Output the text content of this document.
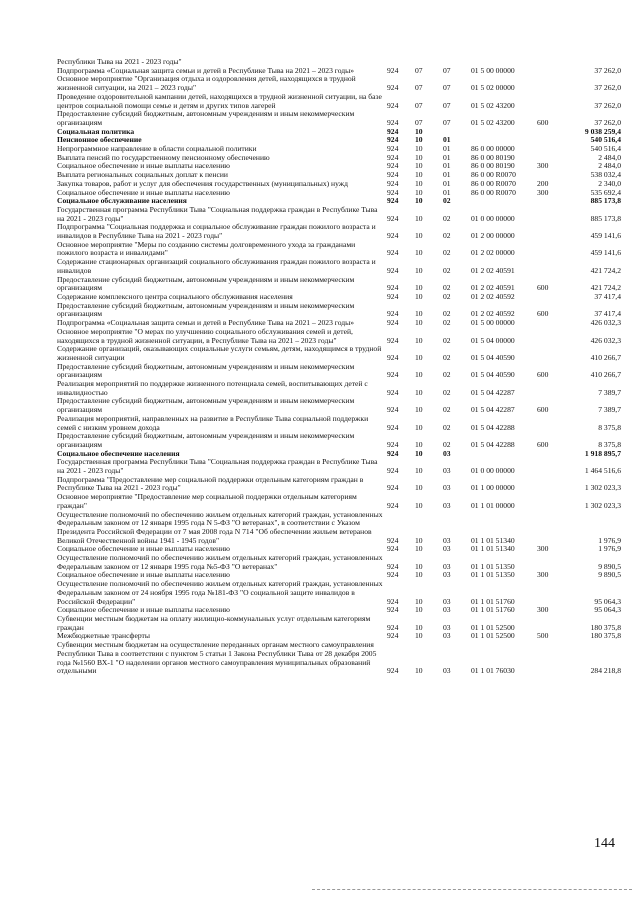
Республики Тыва на 2021 - 2023 годы"						
Подпрограмма «Социальная защита семьи и детей в Республике Тыва на 2021 – 2023 годы»	924	07	07	01 5 00 00000		37 262,0
Основное мероприятие "Организация отдыха и оздоровления детей, находящихся в трудной жизненной ситуации, на 2021 – 2023 годы"	924	07	07	01 5 02 00000		37 262,0
Проведение оздоровительной кампании детей, находящихся в трудной жизненной ситуации, на базе центров социальной помощи семье и детям и других типов лагерей	924	07	07	01 5 02 43200		37 262,0
Предоставление субсидий бюджетным, автономным учреждениям и иным некоммерческим организациям	924	07	07	01 5 02 43200	600	37 262,0
Социальная политика	924	10				9 038 259,4
Пенсионное обеспечение	924	10	01			540 516,4
Непрограммное направление в области социальной политики	924	10	01	86 0 00 00000		540 516,4
Выплата пенсий по государственному пенсионному обеспечению	924	10	01	86 0 00 80190		2 484,0
Социальное обеспечение и иные выплаты населению	924	10	01	86 0 00 80190	300	2 484,0
Выплата региональных социальных доплат к пенсии	924	10	01	86 0 00 R0070		538 032,4
Закупка товаров, работ и услуг для обеспечения государственных (муниципальных) нужд	924	10	01	86 0 00 R0070	200	2 340,0
Социальное обеспечение и иные выплаты населению	924	10	01	86 0 00 R0070	300	535 692,4
Социальное обслуживание населения	924	10	02			885 173,8
Государственная программа Республики Тыва "Социальная поддержка граждан в Республике Тыва на 2021 - 2023 годы"	924	10	02	01 0 00 00000		885 173,8
Подпрограмма "Социальная поддержка и социальное обслуживание граждан пожилого возраста и инвалидов в Республике Тыва на 2021 - 2023 годы"	924	10	02	01 2 00 00000		459 141,6
Основное мероприятие "Меры по созданию системы долговременного ухода за гражданами пожилого возраста и инвалидами"	924	10	02	01 2 02 00000		459 141,6
Содержание стационарных организаций социального обслуживания граждан пожилого возраста и инвалидов	924	10	02	01 2 02 40591		421 724,2
Предоставление субсидий бюджетным, автономным учреждениям и иным некоммерческим организациям	924	10	02	01 2 02 40591	600	421 724,2
Содержание комплексного центра социального обслуживания населения	924	10	02	01 2 02 40592		37 417,4
Предоставление субсидий бюджетным, автономным учреждениям и иным некоммерческим организациям	924	10	02	01 2 02 40592	600	37 417,4
Подпрограмма «Социальная защита семьи и детей в Республике Тыва на 2021 – 2023 годы»	924	10	02	01 5 00 00000		426 032,3
Основное мероприятие "О мерах по улучшению социального обслуживания семей и детей, находящихся в трудной жизненной ситуации, в Республике Тыва на 2021 – 2023 годы"	924	10	02	01 5 04 00000		426 032,3
Содержание организаций, оказывающих социальные услуги семьям, детям, находящимся в трудной жизненной ситуации	924	10	02	01 5 04 40590		410 266,7
Предоставление субсидий бюджетным, автономным учреждениям и иным некоммерческим организациям	924	10	02	01 5 04 40590	600	410 266,7
Реализация мероприятий по поддержке жизненного потенциала семей, воспитывающих детей с инвалидностью	924	10	02	01 5 04 42287		7 389,7
Предоставление субсидий бюджетным, автономным учреждениям и иным некоммерческим организациям	924	10	02	01 5 04 42287	600	7 389,7
Реализация мероприятий, направленных на развитие в Республике Тыва социальной поддержки семей с низким уровнем дохода	924	10	02	01 5 04 42288		8 375,8
Предоставление субсидий бюджетным, автономным учреждениям и иным некоммерческим организациям	924	10	02	01 5 04 42288	600	8 375,8
Социальное обеспечение населения	924	10	03			1 918 895,7
Государственная программа Республики Тыва "Социальная поддержка граждан в Республике Тыва на 2021 - 2023 годы"	924	10	03	01 0 00 00000		1 464 516,6
Подпрограмма "Предоставление мер социальной поддержки отдельным категориям граждан в Республике Тыва на 2021 - 2023 годы"	924	10	03	01 1 00 00000		1 302 023,3
Основное мероприятие "Предоставление мер социальной поддержки отдельным категориям граждан"	924	10	03	01 1 01 00000		1 302 023,3
Осуществление полномочий по обеспечению жильем отдельных категорий граждан, установленных Федеральным законом от 12 января 1995 года N 5-ФЗ "О ветеранах", в соответствии с Указом Президента Российской Федерации от 7 мая 2008 года N 714 "Об обеспечении жильем ветеранов Великой Отечественной войны 1941 - 1945 годов"	924	10	03	01 1 01 51340		1 976,9
Социальное обеспечение и иные выплаты населению	924	10	03	01 1 01 51340	300	1 976,9
Осуществление полномочий по обеспечению жильем отдельных категорий граждан, установленных Федеральным законом от 12 января 1995 года №5-ФЗ "О ветеранах"	924	10	03	01 1 01 51350		9 890,5
Социальное обеспечение и иные выплаты населению	924	10	03	01 1 01 51350	300	9 890,5
Осуществление полномочий по обеспечению жильем отдельных категорий граждан, установленных Федеральным законом от 24 ноября 1995 года №181-ФЗ "О социальной защите инвалидов в Российской Федерации"	924	10	03	01 1 01 51760		95 064,3
Социальное обеспечение и иные выплаты населению	924	10	03	01 1 01 51760	300	95 064,3
Субвенции местным бюджетам на оплату жилищно-коммунальных услуг отдельным категориям граждан	924	10	03	01 1 01 52500		180 375,8
Межбюджетные трансферты	924	10	03	01 1 01 52500	500	180 375,8
Субвенции местным бюджетам на осуществление переданных органам местного самоуправления Республики Тыва в соответствии с пунктом 5 статьи 1 Закона Республики Тыва от 28 декабря 2005 года №1560 ВХ-1 "О наделении органов местного самоуправления муниципальных образований отдельными	924	10	03	01 1 01 76030		284 218,8
144
